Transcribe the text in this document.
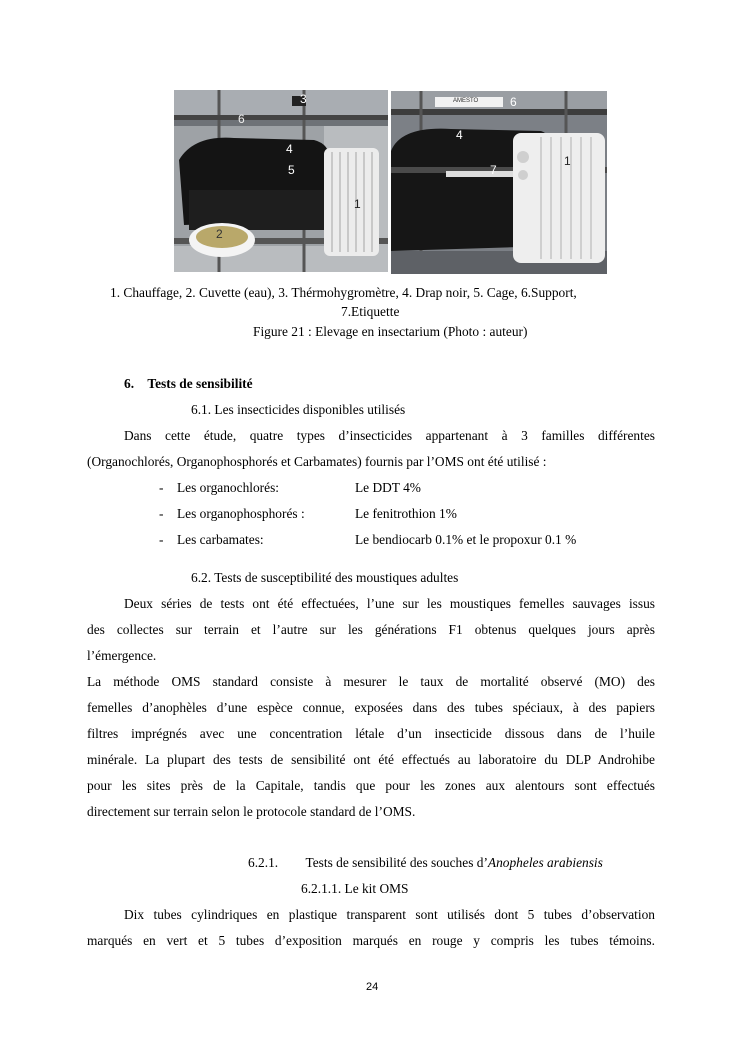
3
6
4
5
1
2
AMESTO	6
4
7
1
1. Chauffage, 2. Cuvette (eau), 3. Thérmohygromètre, 4. Drap noir, 5. Cage, 6.Support,
7.Etiquette
Figure 21 : Elevage en insectarium (Photo : auteur)
6. Tests de sensibilité
6.1. Les insecticides disponibles utilisés
Dans cette étude, quatre types d’insecticides appartenant à 3 familles différentes
(Organochlorés, Organophosphorés et Carbamates) fournis par l’OMS ont été utilisé :
- Les organochlorés:	Le DDT 4%
- Les organophosphorés :	Le fenitrothion 1%
- Les carbamates:	Le bendiocarb 0.1% et le propoxur 0.1 %
6.2. Tests de susceptibilité des moustiques adultes
Deux séries de tests ont été effectuées, l’une sur les moustiques femelles sauvages issus
des collectes sur terrain et l’autre sur les générations F1 obtenus quelques jours après
l’émergence.
La méthode OMS standard consiste à mesurer le taux de mortalité observé (MO) des
femelles d’anophèles d’une espèce connue, exposées dans des tubes spéciaux, à des papiers
filtres imprégnés avec une concentration létale d’un insecticide dissous dans de l’huile
minérale. La plupart des tests de sensibilité ont été effectués au laboratoire du DLP Androhibe
pour les sites près de la Capitale, tandis que pour les zones aux alentours sont effectués
directement sur terrain selon le protocole standard de l’OMS.
6.2.1. Tests de sensibilité des souches d’Anopheles arabiensis
6.2.1.1. Le kit OMS
Dix tubes cylindriques en plastique transparent sont utilisés dont 5 tubes d’observation
marqués en vert et 5 tubes d’exposition marqués en rouge y compris les tubes témoins.
24
